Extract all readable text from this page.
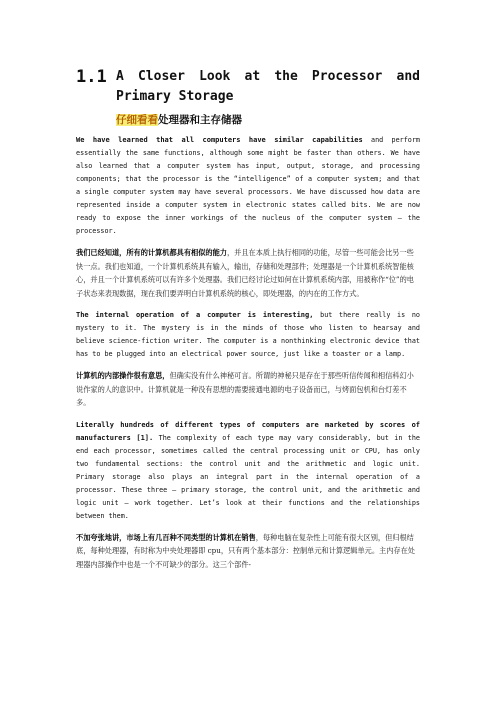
1.1 A Closer Look at the Processor and
Primary Storage
仔细看看处理器和主存储器

We have learned that all computers have similar capabilities and perform essentially the same functions, although some might be faster than others. We have also learned that a computer system has input, output, storage, and processing components; that the processor is the “intelligence” of a computer system; and that a single computer system may have several processors. We have discussed how data are represented inside a computer system in electronic states called bits. We are now ready to expose the inner workings of the nucleus of the computer system — the processor.

我们已经知道，所有的计算机都具有相似的能力，并且在本质上执行相同的功能，尽管一些可能会比另一些快一点。我们也知道，一个计算机系统具有输入，输出，存储和处理部件；处理器是一个计算机系统智能核心，并且一个计算机系统可以有许多个处理器。我们已经讨论过如何在计算机系统内部，用被称作“位”的电子状态来表现数据，现在我们要弄明白计算机系统的核心，即处理器，的内在的工作方式。

The internal operation of a computer is interesting, but there really is no mystery to it. The mystery is in the minds of those who listen to hearsay and believe science-fiction writer. The computer is a nonthinking electronic device that has to be plugged into an electrical power source, just like a toaster or a lamp.

计算机的内部操作很有意思，但确实没有什么神秘可言。所谓的神秘只是存在于那些听信传闻和相信科幻小说作家的人的意识中。计算机就是一种没有思想的需要接通电源的电子设备而已，与烤面包机和台灯差不多。

Literally hundreds of different types of computers are marketed by scores of manufacturers [1]. The complexity of each type may vary considerably, but in the end each processor, sometimes called the central processing unit or CPU, has only two fundamental sections: the control unit and the arithmetic and logic unit. Primary storage also plays an integral part in the internal operation of a processor. These three — primary storage, the control unit, and the arithmetic and logic unit — work together. Let’s look at their functions and the relationships between them.

不加夸张地讲，市场上有几百种不同类型的计算机在销售，每种电脑在复杂性上可能有很大区别，但归根结底，每种处理器，有时称为中央处理器即 cpu，只有两个基本部分：控制单元和计算逻辑单元。主内存在处理器内部操作中也是一个不可缺少的部分。这三个部件-
